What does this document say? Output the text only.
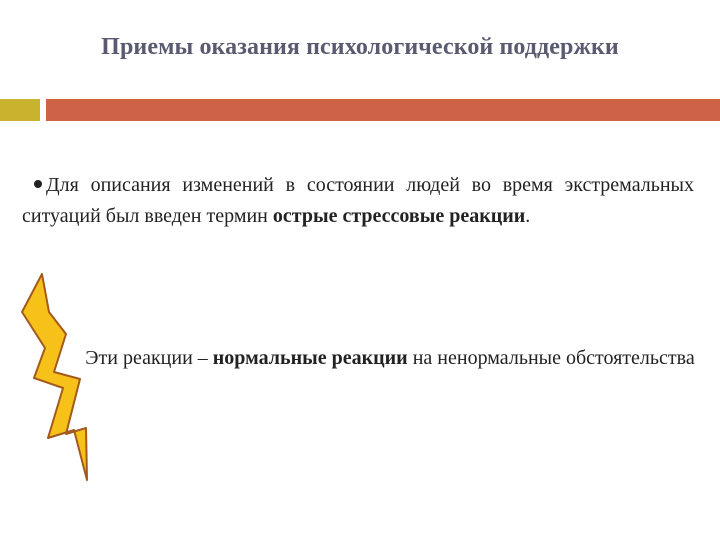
Приемы оказания психологической поддержки
Для описания изменений в состоянии людей во время экстремальных ситуаций был введен термин острые стрессовые реакции.
Эти реакции – нормальные реакции на ненормальные обстоятельства
